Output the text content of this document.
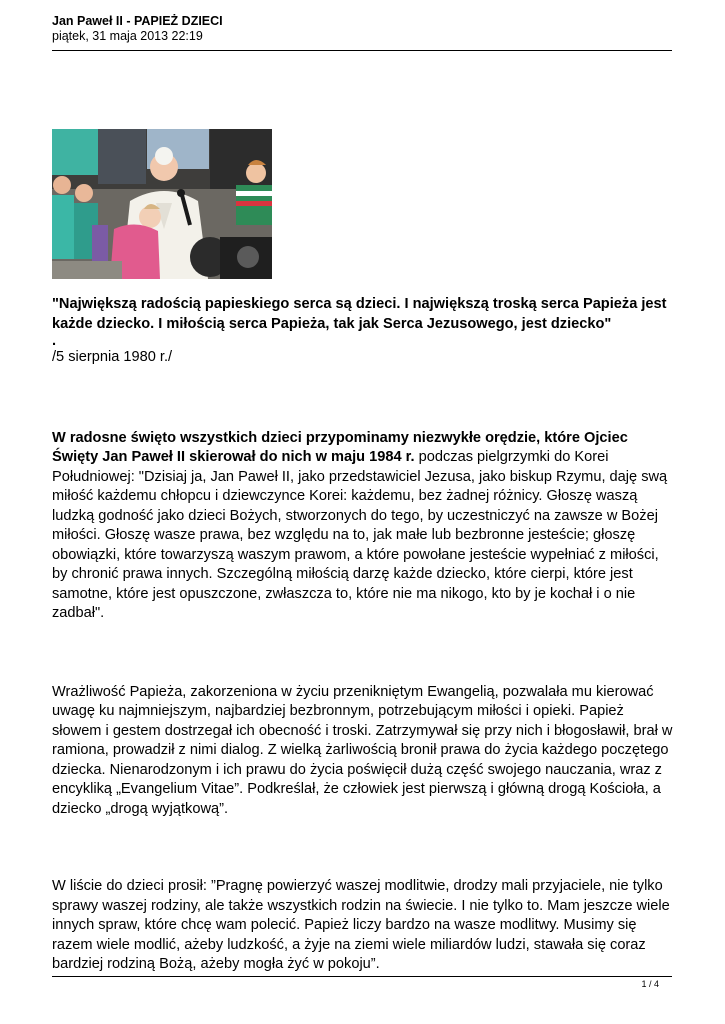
Jan Paweł II - PAPIEŻ DZIECI
piątek, 31 maja 2013 22:19

"Największą radością papieskiego serca są dzieci. I największą troską serca Papieża jest każde dziecko. I miłością serca Papieża, tak jak Serca Jezusowego, jest dziecko"

.

/5 sierpnia 1980 r./

W radosne święto wszystkich dzieci przypominamy niezwykłe orędzie, które Ojciec Święty Jan Paweł II skierował do nich w maju 1984 r. podczas pielgrzymki do Korei Południowej: "Dzisiaj ja, Jan Paweł II, jako przedstawiciel Jezusa, jako biskup Rzymu, daję swą miłość każdemu chłopcu i dziewczynce Korei: każdemu, bez żadnej różnicy. Głoszę waszą ludzką godność jako dzieci Bożych, stworzonych do tego, by uczestniczyć na zawsze w Bożej miłości. Głoszę wasze prawa, bez względu na to, jak małe lub bezbronne jesteście; głoszę obowiązki, które towarzyszą waszym prawom, a które powołane jesteście wypełniać z miłości, by chronić prawa innych. Szczególną miłością darzę każde dziecko, które cierpi, które jest samotne, które jest opuszczone, zwłaszcza to, które nie ma nikogo, kto by je kochał i o nie zadbał".

Wrażliwość Papieża, zakorzeniona w życiu przenikniętym Ewangelią, pozwalała mu kierować uwagę ku najmniejszym, najbardziej bezbronnym, potrzebującym miłości i opieki. Papież słowem i gestem dostrzegał ich obecność i troski. Zatrzymywał się przy nich i błogosławił, brał w ramiona, prowadził z nimi dialog. Z wielką żarliwością bronił prawa do życia każdego poczętego dziecka. Nienarodzonym i ich prawu do życia poświęcił dużą część swojego nauczania, wraz z encykliką „Evangelium Vitae”. Podkreślał, że człowiek jest pierwszą i główną drogą Kościoła, a dziecko „drogą wyjątkową”.

W liście do dzieci prosił: ”Pragnę powierzyć waszej modlitwie, drodzy mali przyjaciele, nie tylko sprawy waszej rodziny, ale także wszystkich rodzin na świecie. I nie tylko to. Mam jeszcze wiele innych spraw, które chcę wam polecić. Papież liczy bardzo na wasze modlitwy. Musimy się razem wiele modlić, ażeby ludzkość, a żyje na ziemi wiele miliardów ludzi, stawała się coraz bardziej rodziną Bożą, ażeby mogła żyć w pokoju”.

1 / 4
